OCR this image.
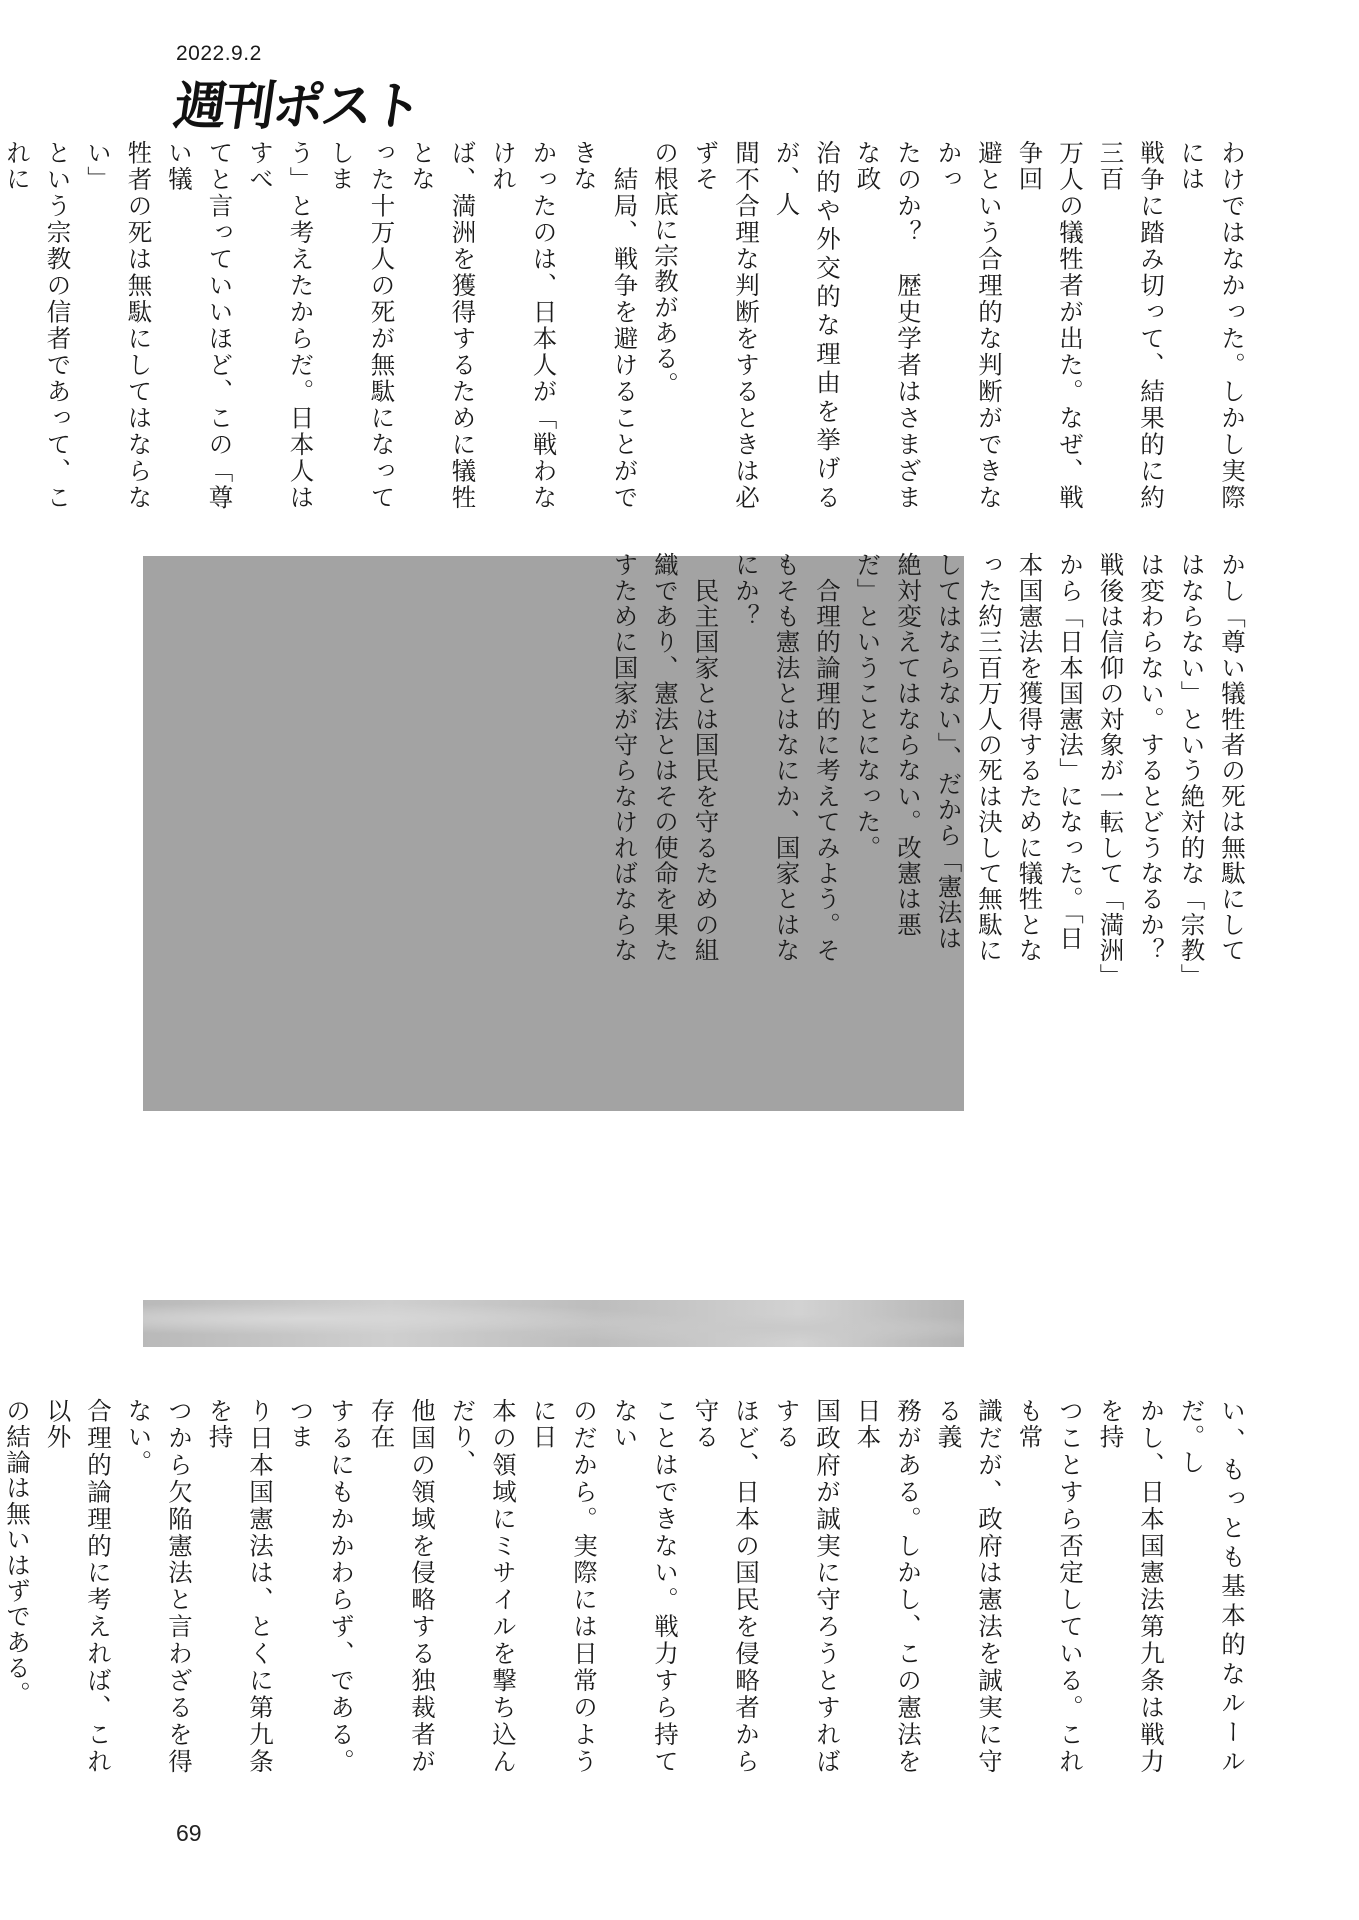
2022.9.2
週刊ポスト
わけではなかった。しかし実際には
戦争に踏み切って、結果的に約三百
万人の犠牲者が出た。なぜ、戦争回
避という合理的な判断ができなかっ
たのか？　歴史学者はさまざまな政
治的や外交的な理由を挙げるが、人
間不合理な判断をするときは必ずそ
の根底に宗教がある。
　結局、戦争を避けることができな
かったのは、日本人が「戦わなけれ
ば、満洲を獲得するために犠牲とな
った十万人の死が無駄になってしま
う」と考えたからだ。日本人はすべ
てと言っていいほど、この「尊い犠
牲者の死は無駄にしてはならない」
という宗教の信者であって、これに

かし「尊い犠牲者の死は無駄にして
はならない」という絶対的な「宗教」
は変わらない。するとどうなるか？
戦後は信仰の対象が一転して「満洲」
から「日本国憲法」になった。「日
本国憲法を獲得するために犠牲とな
った約三百万人の死は決して無駄に
してはならない」、だから「憲法は
絶対変えてはならない。改憲は悪
だ」ということになった。
　合理的論理的に考えてみよう。そ
もそも憲法とはなにか、国家とはな
にか？
　民主国家とは国民を守るための組
織であり、憲法とはその使命を果た
すために国家が守らなければならな
い、もっとも基本的なルールだ。し
かし、日本国憲法第九条は戦力を持
つことすら否定している。これも常
識だが、政府は憲法を誠実に守る義
務がある。しかし、この憲法を日本
国政府が誠実に守ろうとすればする
ほど、日本の国民を侵略者から守る
ことはできない。戦力すら持てない
のだから。実際には日常のように日
本の領域にミサイルを撃ち込んだり、
他国の領域を侵略する独裁者が存在
するにもかかわらず、である。つま
り日本国憲法は、とくに第九条を持
つから欠陥憲法と言わざるを得ない。
合理的論理的に考えれば、これ以外
の結論は無いはずである。

69
